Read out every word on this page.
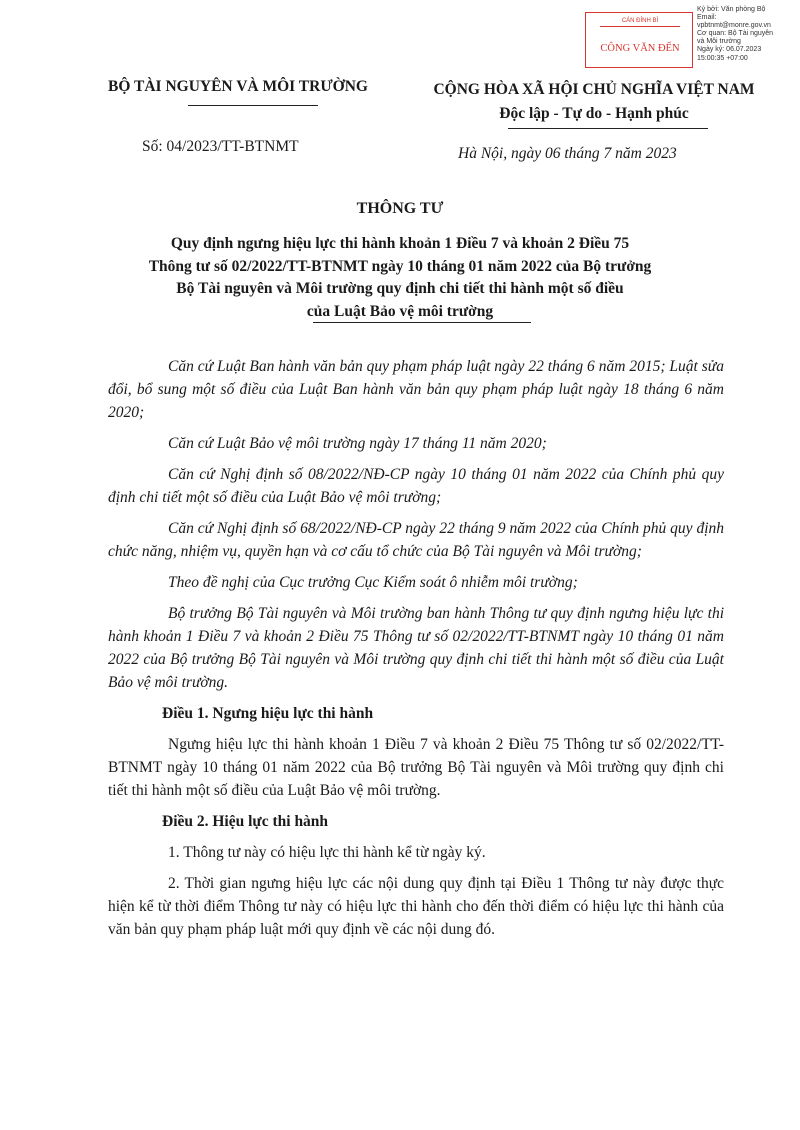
CÁN ĐÍNH BÌ
CÔNG VĂN ĐẾN
Ký bởi: Văn phòng Bộ
Email:
vpbtnmt@monre.gov.vn
Cơ quan: Bộ Tài nguyên
và Môi trường
Ngày ký: 06.07.2023
15:00:35 +07:00
BỘ TÀI NGUYÊN VÀ MÔI TRƯỜNG	CỘNG HÒA XÃ HỘI CHỦ NGHĨA VIỆT NAM
Độc lập - Tự do - Hạnh phúc
Số: 04/2023/TT-BTNMT	Hà Nội, ngày 06 tháng 7 năm 2023
THÔNG TƯ
Quy định ngưng hiệu lực thi hành khoản 1 Điều 7 và khoản 2 Điều 75
Thông tư số 02/2022/TT-BTNMT ngày 10 tháng 01 năm 2022 của Bộ trưởng
Bộ Tài nguyên và Môi trường quy định chi tiết thi hành một số điều
của Luật Bảo vệ môi trường

Căn cứ Luật Ban hành văn bản quy phạm pháp luật ngày 22 tháng 6 năm 2015; Luật sửa đổi, bổ sung một số điều của Luật Ban hành văn bản quy phạm pháp luật ngày 18 tháng 6 năm 2020;

Căn cứ Luật Bảo vệ môi trường ngày 17 tháng 11 năm 2020;

Căn cứ Nghị định số 08/2022/NĐ-CP ngày 10 tháng 01 năm 2022 của Chính phủ quy định chi tiết một số điều của Luật Bảo vệ môi trường;

Căn cứ Nghị định số 68/2022/NĐ-CP ngày 22 tháng 9 năm 2022 của Chính phủ quy định chức năng, nhiệm vụ, quyền hạn và cơ cấu tổ chức của Bộ Tài nguyên và Môi trường;

Theo đề nghị của Cục trưởng Cục Kiểm soát ô nhiễm môi trường;

Bộ trưởng Bộ Tài nguyên và Môi trường ban hành Thông tư quy định ngưng hiệu lực thi hành khoản 1 Điều 7 và khoản 2 Điều 75 Thông tư số 02/2022/TT-BTNMT ngày 10 tháng 01 năm 2022 của Bộ trưởng Bộ Tài nguyên và Môi trường quy định chi tiết thi hành một số điều của Luật Bảo vệ môi trường.

Điều 1. Ngưng hiệu lực thi hành

Ngưng hiệu lực thi hành khoản 1 Điều 7 và khoản 2 Điều 75 Thông tư số 02/2022/TT-BTNMT ngày 10 tháng 01 năm 2022 của Bộ trưởng Bộ Tài nguyên và Môi trường quy định chi tiết thi hành một số điều của Luật Bảo vệ môi trường.

Điều 2. Hiệu lực thi hành

1. Thông tư này có hiệu lực thi hành kể từ ngày ký.

2. Thời gian ngưng hiệu lực các nội dung quy định tại Điều 1 Thông tư này được thực hiện kể từ thời điểm Thông tư này có hiệu lực thi hành cho đến thời điểm có hiệu lực thi hành của văn bản quy phạm pháp luật mới quy định về các nội dung đó.
